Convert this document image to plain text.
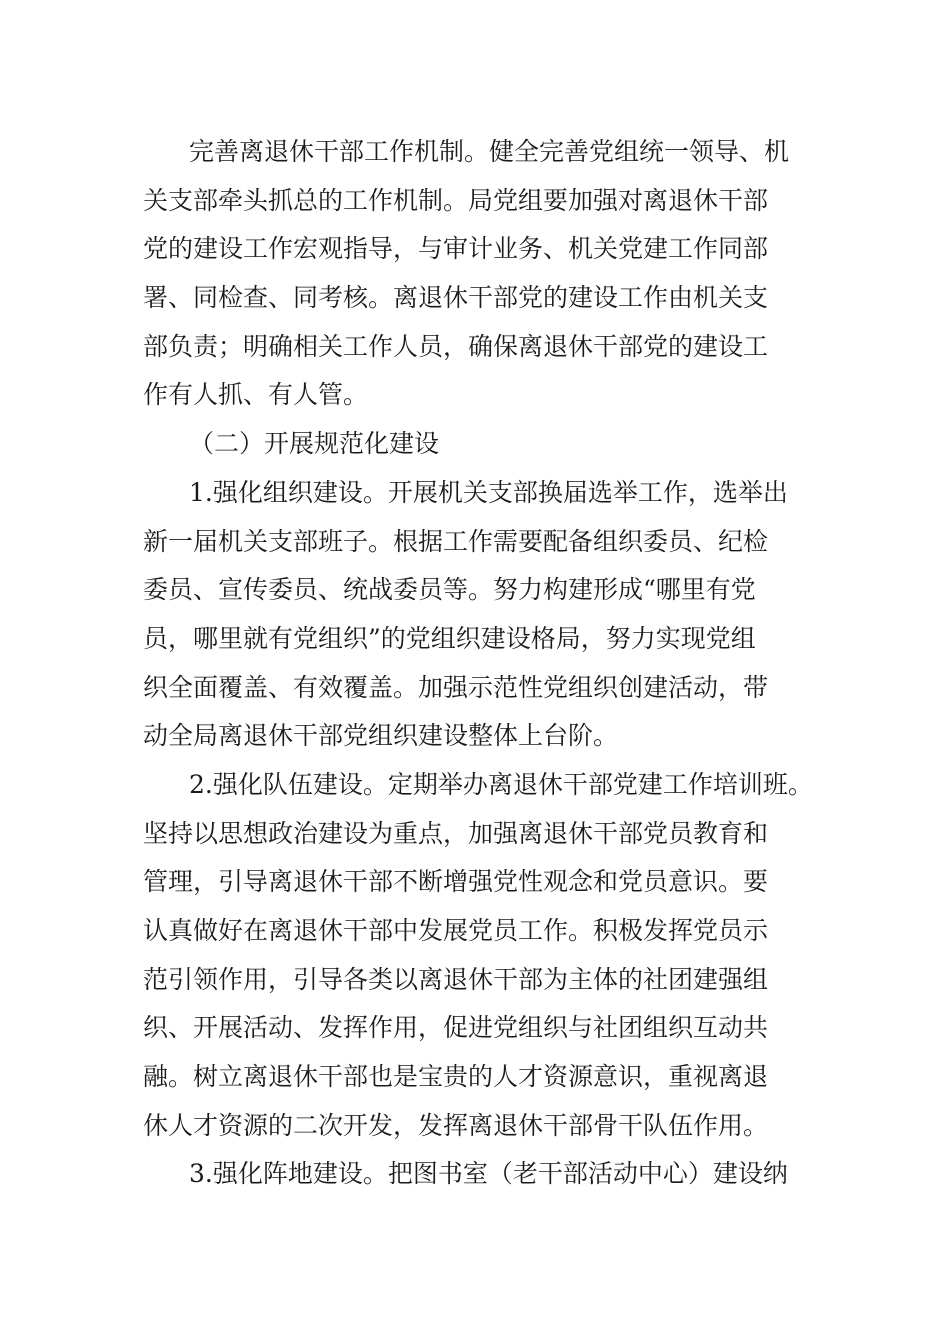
完善离退休干部工作机制。健全完善党组统一领导、机
关支部牵头抓总的工作机制。局党组要加强对离退休干部
党的建设工作宏观指导，与审计业务、机关党建工作同部
署、同检查、同考核。离退休干部党的建设工作由机关支
部负责；明确相关工作人员，确保离退休干部党的建设工
作有人抓、有人管。
（二）开展规范化建设
1.强化组织建设。开展机关支部换届选举工作，选举出
新一届机关支部班子。根据工作需要配备组织委员、纪检
委员、宣传委员、统战委员等。努力构建形成“哪里有党
员，哪里就有党组织”的党组织建设格局，努力实现党组
织全面覆盖、有效覆盖。加强示范性党组织创建活动，带
动全局离退休干部党组织建设整体上台阶。
2.强化队伍建设。定期举办离退休干部党建工作培训班。
坚持以思想政治建设为重点，加强离退休干部党员教育和
管理，引导离退休干部不断增强党性观念和党员意识。要
认真做好在离退休干部中发展党员工作。积极发挥党员示
范引领作用，引导各类以离退休干部为主体的社团建强组
织、开展活动、发挥作用，促进党组织与社团组织互动共
融。树立离退休干部也是宝贵的人才资源意识，重视离退
休人才资源的二次开发，发挥离退休干部骨干队伍作用。
3.强化阵地建设。把图书室（老干部活动中心）建设纳
